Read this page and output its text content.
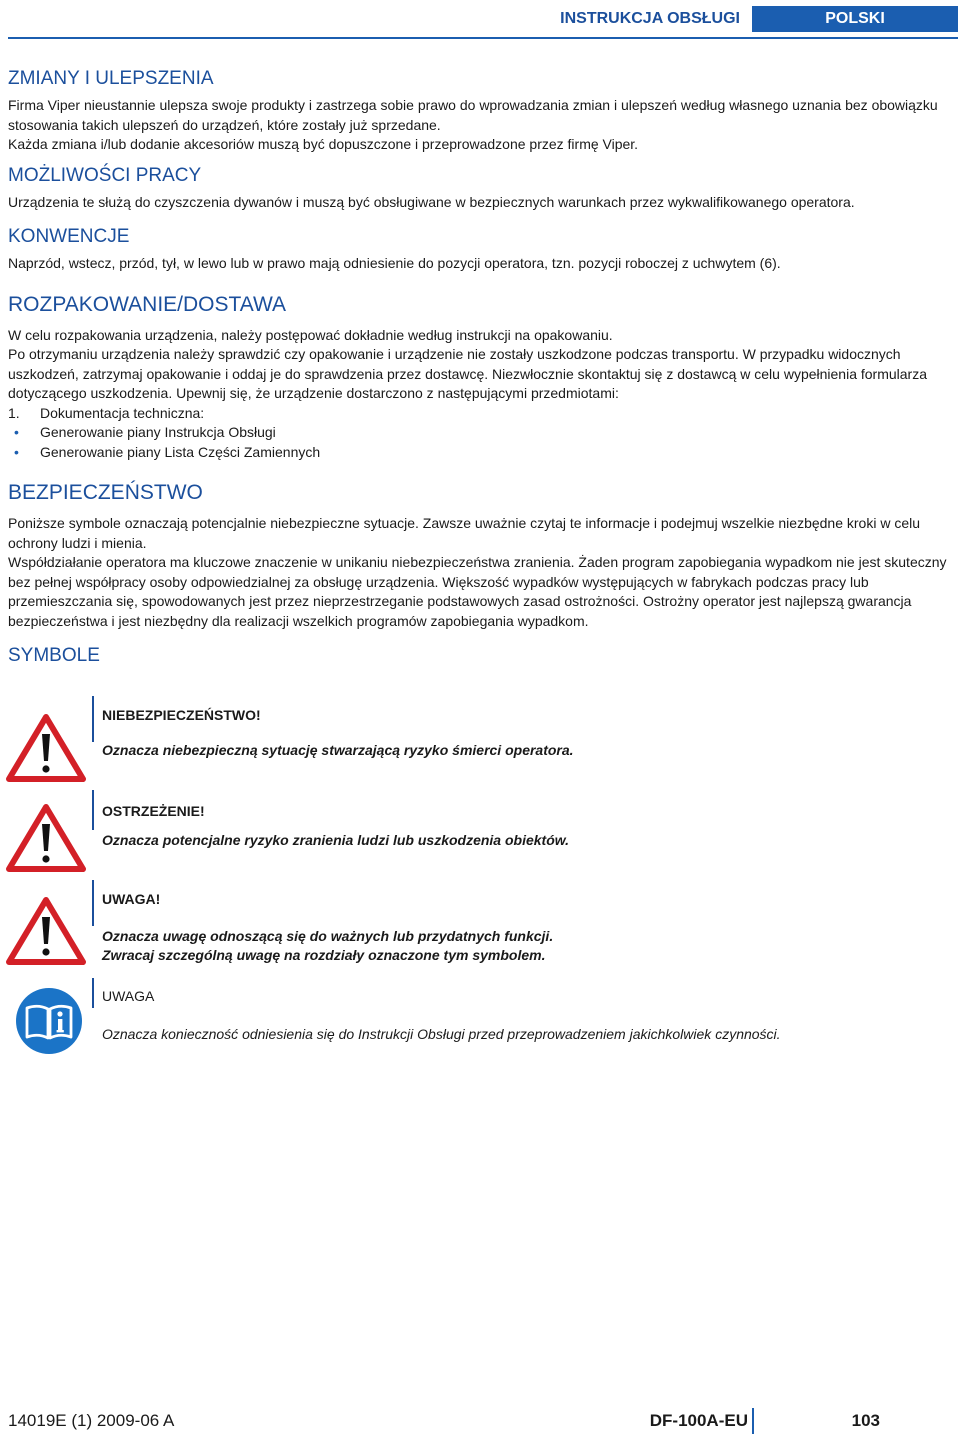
INSTRUKCJA OBSŁUGI	POLSKI
ZMIANY I ULEPSZENIA

Firma Viper nieustannie ulepsza swoje produkty i zastrzega sobie prawo do wprowadzania zmian i ulepszeń według własnego uznania bez obowiązku stosowania takich ulepszeń do urządzeń, które zostały już sprzedane.

Każda zmiana i/lub dodanie akcesoriów muszą być dopuszczone i przeprowadzone przez firmę Viper.

MOŻLIWOŚCI PRACY

Urządzenia te służą do czyszczenia dywanów i muszą być obsługiwane w bezpiecznych warunkach przez wykwalifikowanego operatora.

KONWENCJE

Naprzód, wstecz, przód, tył, w lewo lub w prawo mają odniesienie do pozycji operatora, tzn. pozycji roboczej z uchwytem (6).

ROZPAKOWANIE/DOSTAWA

W celu rozpakowania urządzenia, należy postępować dokładnie według instrukcji na opakowaniu.

Po otrzymaniu urządzenia należy sprawdzić czy opakowanie i urządzenie nie zostały uszkodzone podczas transportu. W przypadku widocznych uszkodzeń, zatrzymaj opakowanie i oddaj je do sprawdzenia przez dostawcę. Niezwłocznie skontaktuj się z dostawcą w celu wypełnienia formularza dotyczącego uszkodzenia. Upewnij się, że urządzenie dostarczono z następującymi przedmiotami:

1.	Dokumentacja techniczna:
• Generowanie piany Instrukcja Obsługi
• Generowanie piany Lista Części Zamiennych
BEZPIECZEŃSTWO

Poniższe symbole oznaczają potencjalnie niebezpieczne sytuacje. Zawsze uważnie czytaj te informacje i podejmuj wszelkie niezbędne kroki w celu ochrony ludzi i mienia.

Współdziałanie operatora ma kluczowe znaczenie w unikaniu niebezpieczeństwa zranienia. Żaden program zapobiegania wypadkom nie jest skuteczny bez pełnej współpracy osoby odpowiedzialnej za obsługę urządzenia. Większość wypadków występujących w fabrykach podczas pracy lub przemieszczania się, spowodowanych jest przez nieprzestrzeganie podstawowych zasad ostrożności. Ostrożny operator jest najlepszą gwarancja bezpieczeństwa i jest niezbędny dla realizacji wszelkich programów zapobiegania wypadkom.

SYMBOLE
NIEBEZPIECZEŃSTWO!
Oznacza niebezpieczną sytuację stwarzającą ryzyko śmierci operatora.
OSTRZEŻENIE!
Oznacza potencjalne ryzyko zranienia ludzi lub uszkodzenia obiektów.
UWAGA!
Oznacza uwagę odnoszącą się do ważnych lub przydatnych funkcji.
Zwracaj szczególną uwagę na rozdziały oznaczone tym symbolem.
UWAGA
Oznacza konieczność odniesienia się do Instrukcji Obsługi przed przeprowadzeniem jakichkolwiek czynności.
14019E (1) 2009-06 A	DF-100A-EU	103
